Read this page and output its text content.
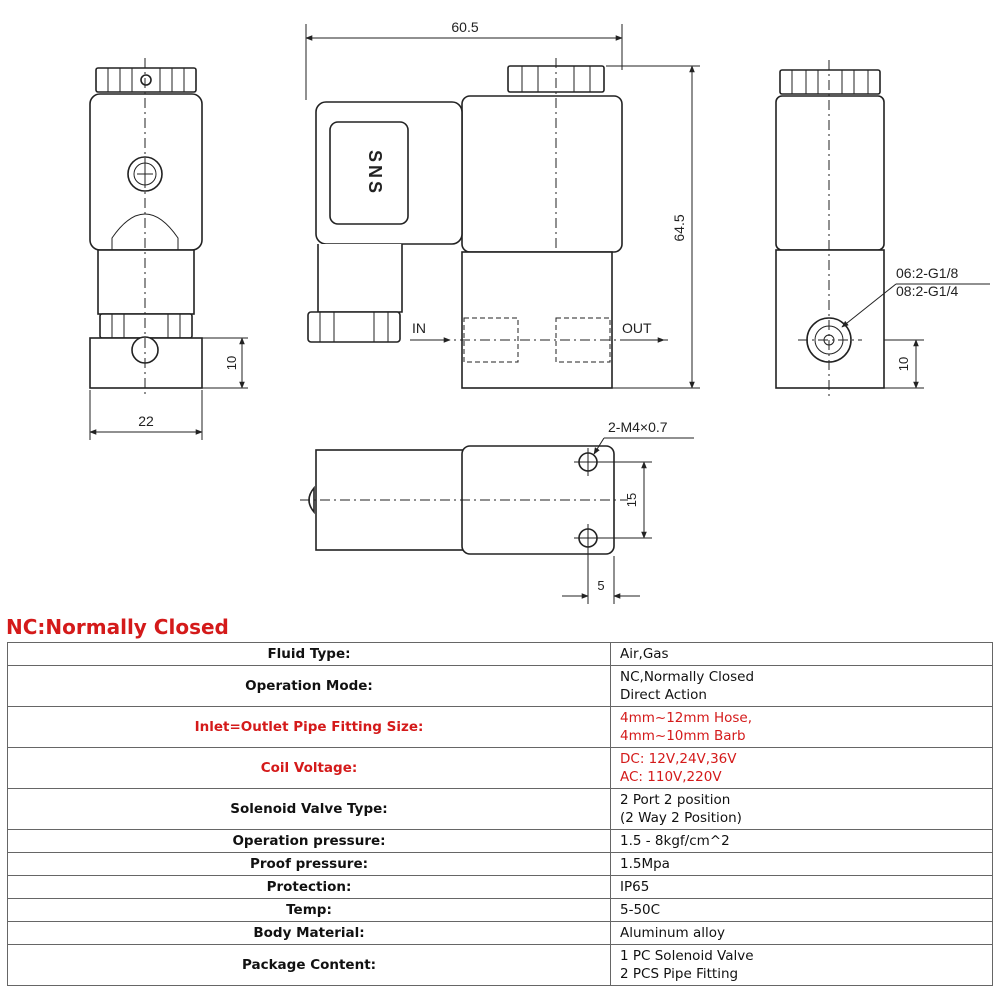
10
22
60.5
SNS
IN	OUT
64.5
06:2-G1/8
08:2-G1/4
10
2-M4×0.7
15
5
NC:Normally Closed
Fluid Type:	Air,Gas

Operation Mode:	NC,Normally Closed
Direct Action

Inlet=Outlet Pipe Fitting Size:	4mm~12mm Hose,
4mm~10mm Barb

Coil Voltage:	DC: 12V,24V,36V
AC: 110V,220V

Solenoid Valve Type:	2 Port 2 position
(2 Way 2 Position)

Operation pressure:	1.5 - 8kgf/cm^2

Proof pressure:	1.5Mpa

Protection:	IP65

Temp:	5-50C

Body Material:	Aluminum alloy

Package Content:	1 PC Solenoid Valve
2 PCS Pipe Fitting
